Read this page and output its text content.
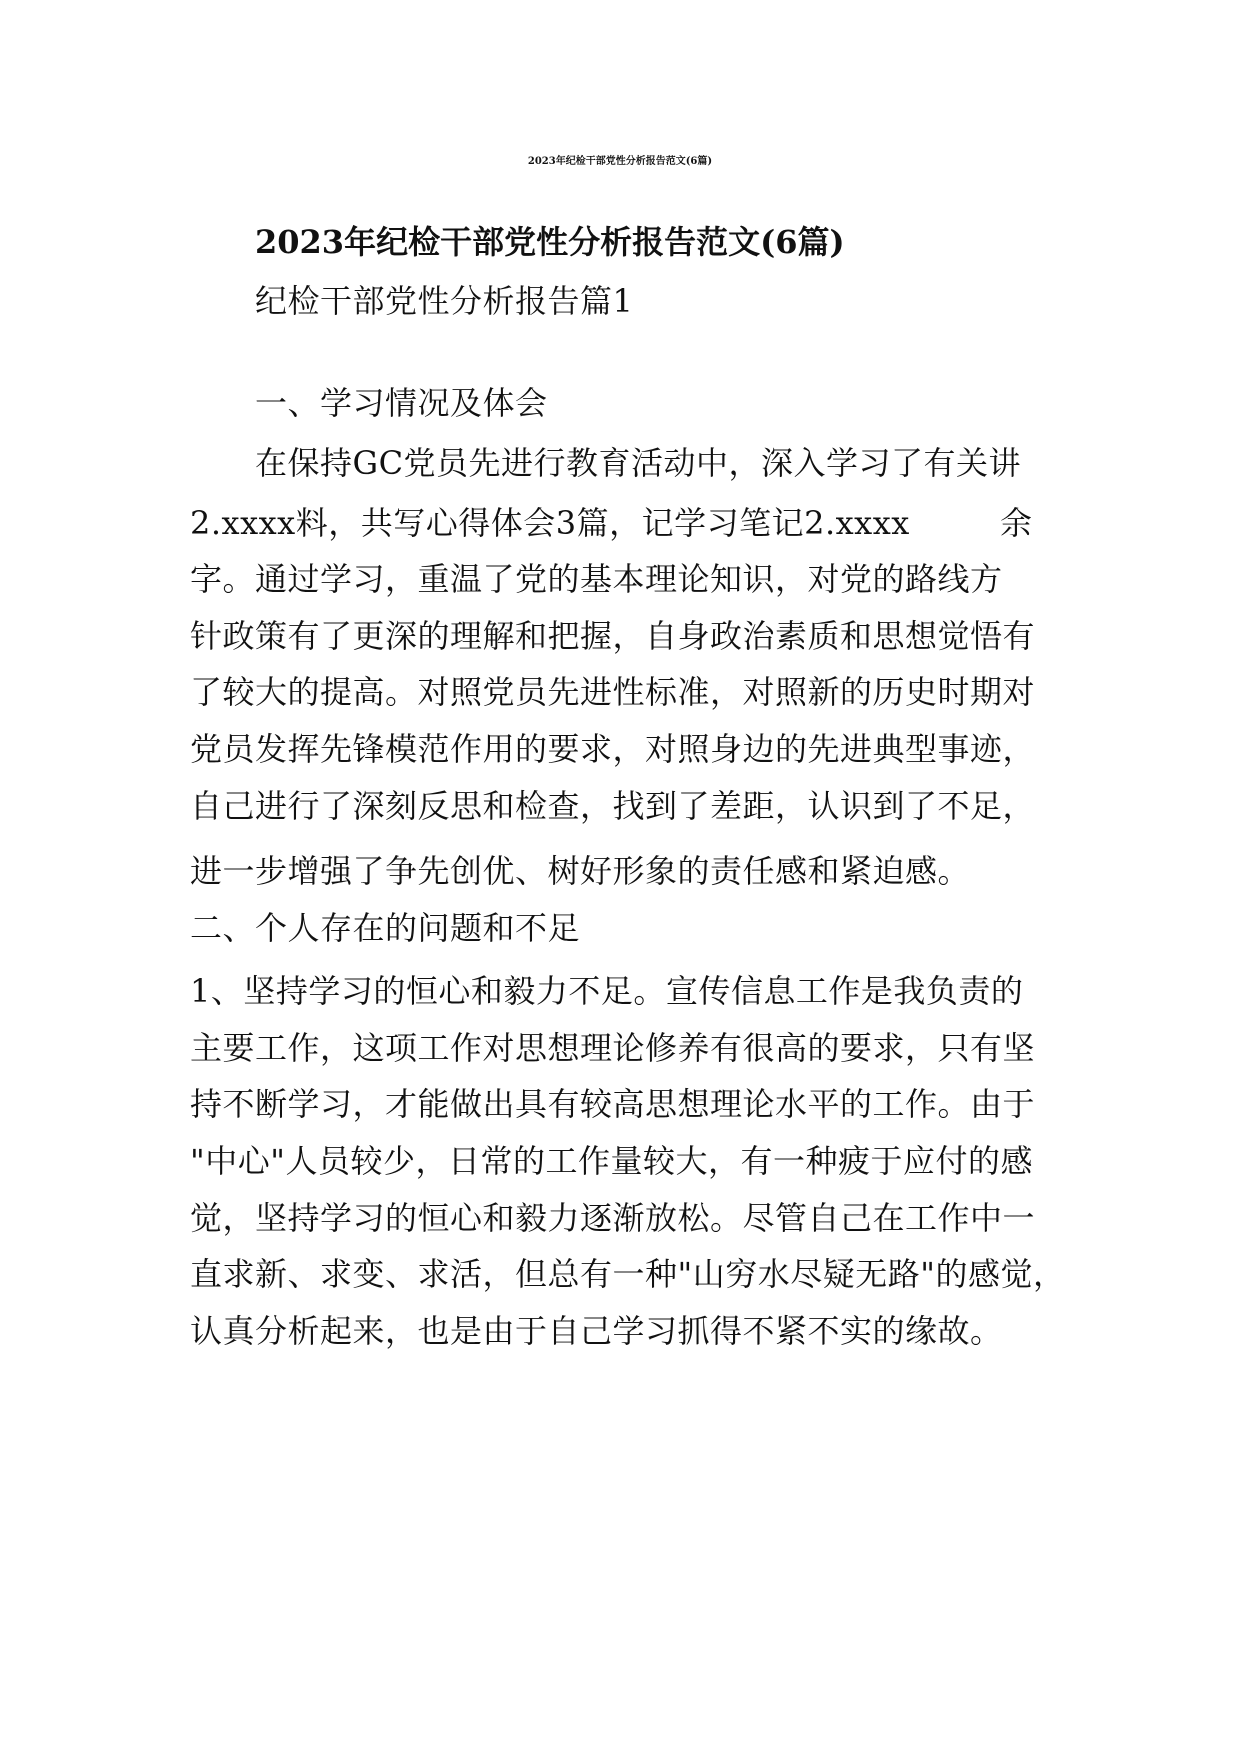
2023年纪检干部党性分析报告范文(6篇)
2023年纪检干部党性分析报告范文(6篇)
纪检干部党性分析报告篇1
一、学习情况及体会
在保持GC党员先进行教育活动中，深入学习了有关讲
2.xxxx料，共写心得体会3篇，记学习笔记2.xxxx	余
字。通过学习，重温了党的基本理论知识，对党的路线方
针政策有了更深的理解和把握，自身政治素质和思想觉悟有
了较大的提高。对照党员先进性标准，对照新的历史时期对
党员发挥先锋模范作用的要求，对照身边的先进典型事迹，
自己进行了深刻反思和检查，找到了差距，认识到了不足，
进一步增强了争先创优、树好形象的责任感和紧迫感。
二、个人存在的问题和不足
1、坚持学习的恒心和毅力不足。宣传信息工作是我负责的
主要工作，这项工作对思想理论修养有很高的要求，只有坚
持不断学习，才能做出具有较高思想理论水平的工作。由于
"中心"人员较少，日常的工作量较大，有一种疲于应付的感
觉，坚持学习的恒心和毅力逐渐放松。尽管自己在工作中一
直求新、求变、求活，但总有一种"山穷水尽疑无路"的感觉，
认真分析起来，也是由于自己学习抓得不紧不实的缘故。
